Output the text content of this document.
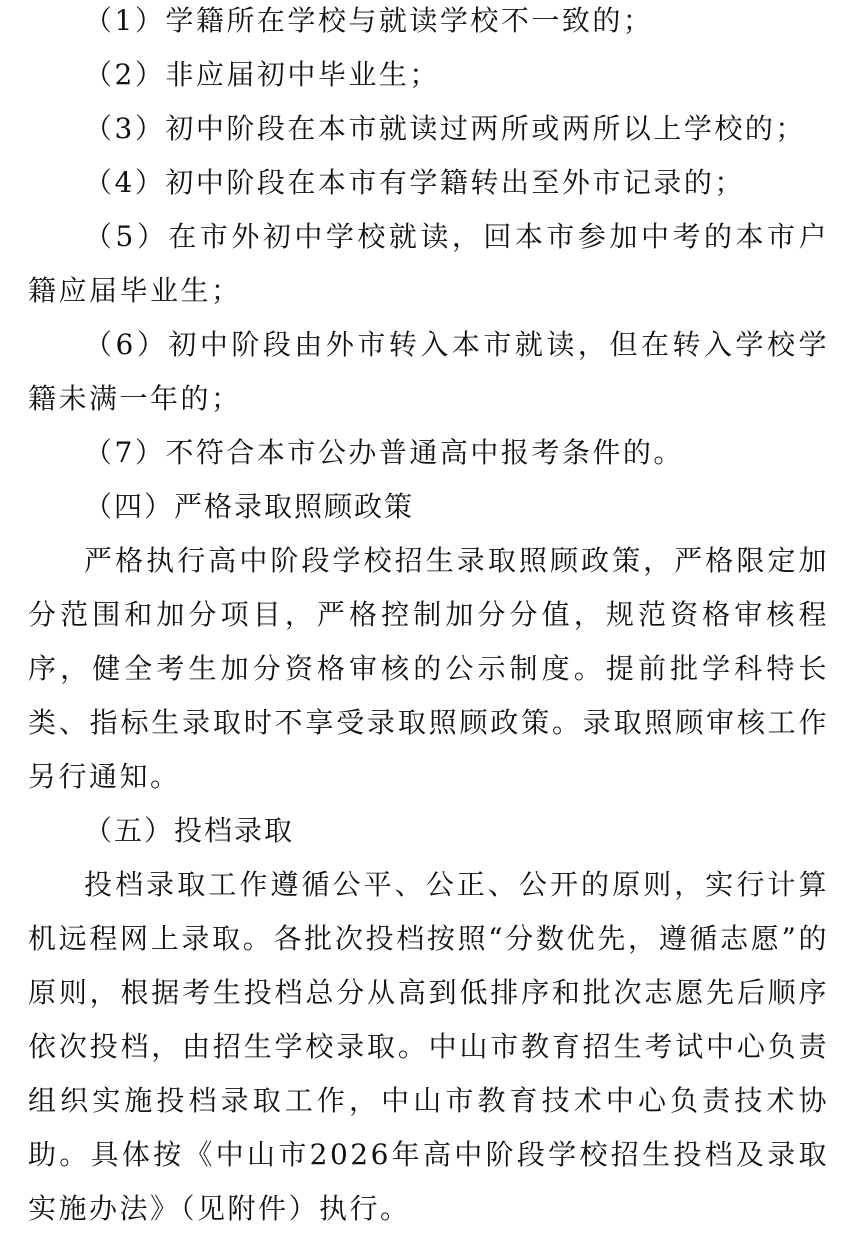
（1）学籍所在学校与就读学校不一致的；

（2）非应届初中毕业生；

（3）初中阶段在本市就读过两所或两所以上学校的；

（4）初中阶段在本市有学籍转出至外市记录的；

（5）在市外初中学校就读，回本市参加中考的本市户籍应届毕业生；

（6）初中阶段由外市转入本市就读，但在转入学校学籍未满一年的；

（7）不符合本市公办普通高中报考条件的。

（四）严格录取照顾政策

严格执行高中阶段学校招生录取照顾政策，严格限定加分范围和加分项目，严格控制加分分值，规范资格审核程序，健全考生加分资格审核的公示制度。提前批学科特长类、指标生录取时不享受录取照顾政策。录取照顾审核工作另行通知。

（五）投档录取

投档录取工作遵循公平、公正、公开的原则，实行计算机远程网上录取。各批次投档按照“分数优先，遵循志愿”的原则，根据考生投档总分从高到低排序和批次志愿先后顺序依次投档，由招生学校录取。中山市教育招生考试中心负责组织实施投档录取工作，中山市教育技术中心负责技术协助。具体按《中山市2026年高中阶段学校招生投档及录取实施办法》（见附件）执行。
